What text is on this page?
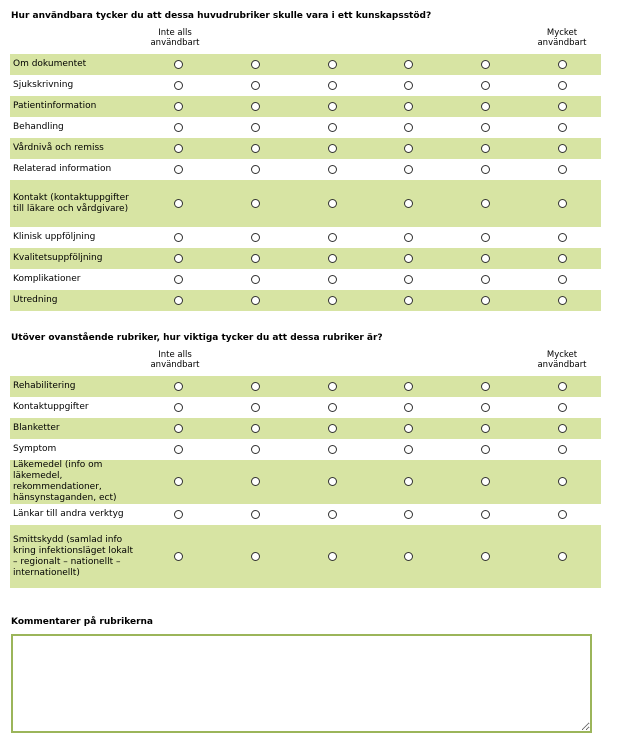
Hur användbara tycker du att dessa huvudrubriker skulle vara i ett kunskapsstöd?
Inte alls användbart
Mycket användbart
Om dokumentet						
Sjukskrivning						
Patientinformation						
Behandling						
Vårdnivå och remiss						
Relaterad information						
Kontakt (kontaktuppgifter till läkare och vårdgivare)						
Klinisk uppföljning						
Kvalitetsuppföljning						
Komplikationer						
Utredning						
Utöver ovanstående rubriker, hur viktiga tycker du att dessa rubriker är?
Inte alls användbart
Mycket användbart
Rehabilitering						
Kontaktuppgifter						
Blanketter						
Symptom						
Läkemedel (info om läkemedel, rekommendationer, hänsynstaganden, ect)						
Länkar till andra verktyg						
Smittskydd (samlad info kring infektionsläget lokalt – regionalt – nationellt – internationellt)						
Kommentarer på rubrikerna
